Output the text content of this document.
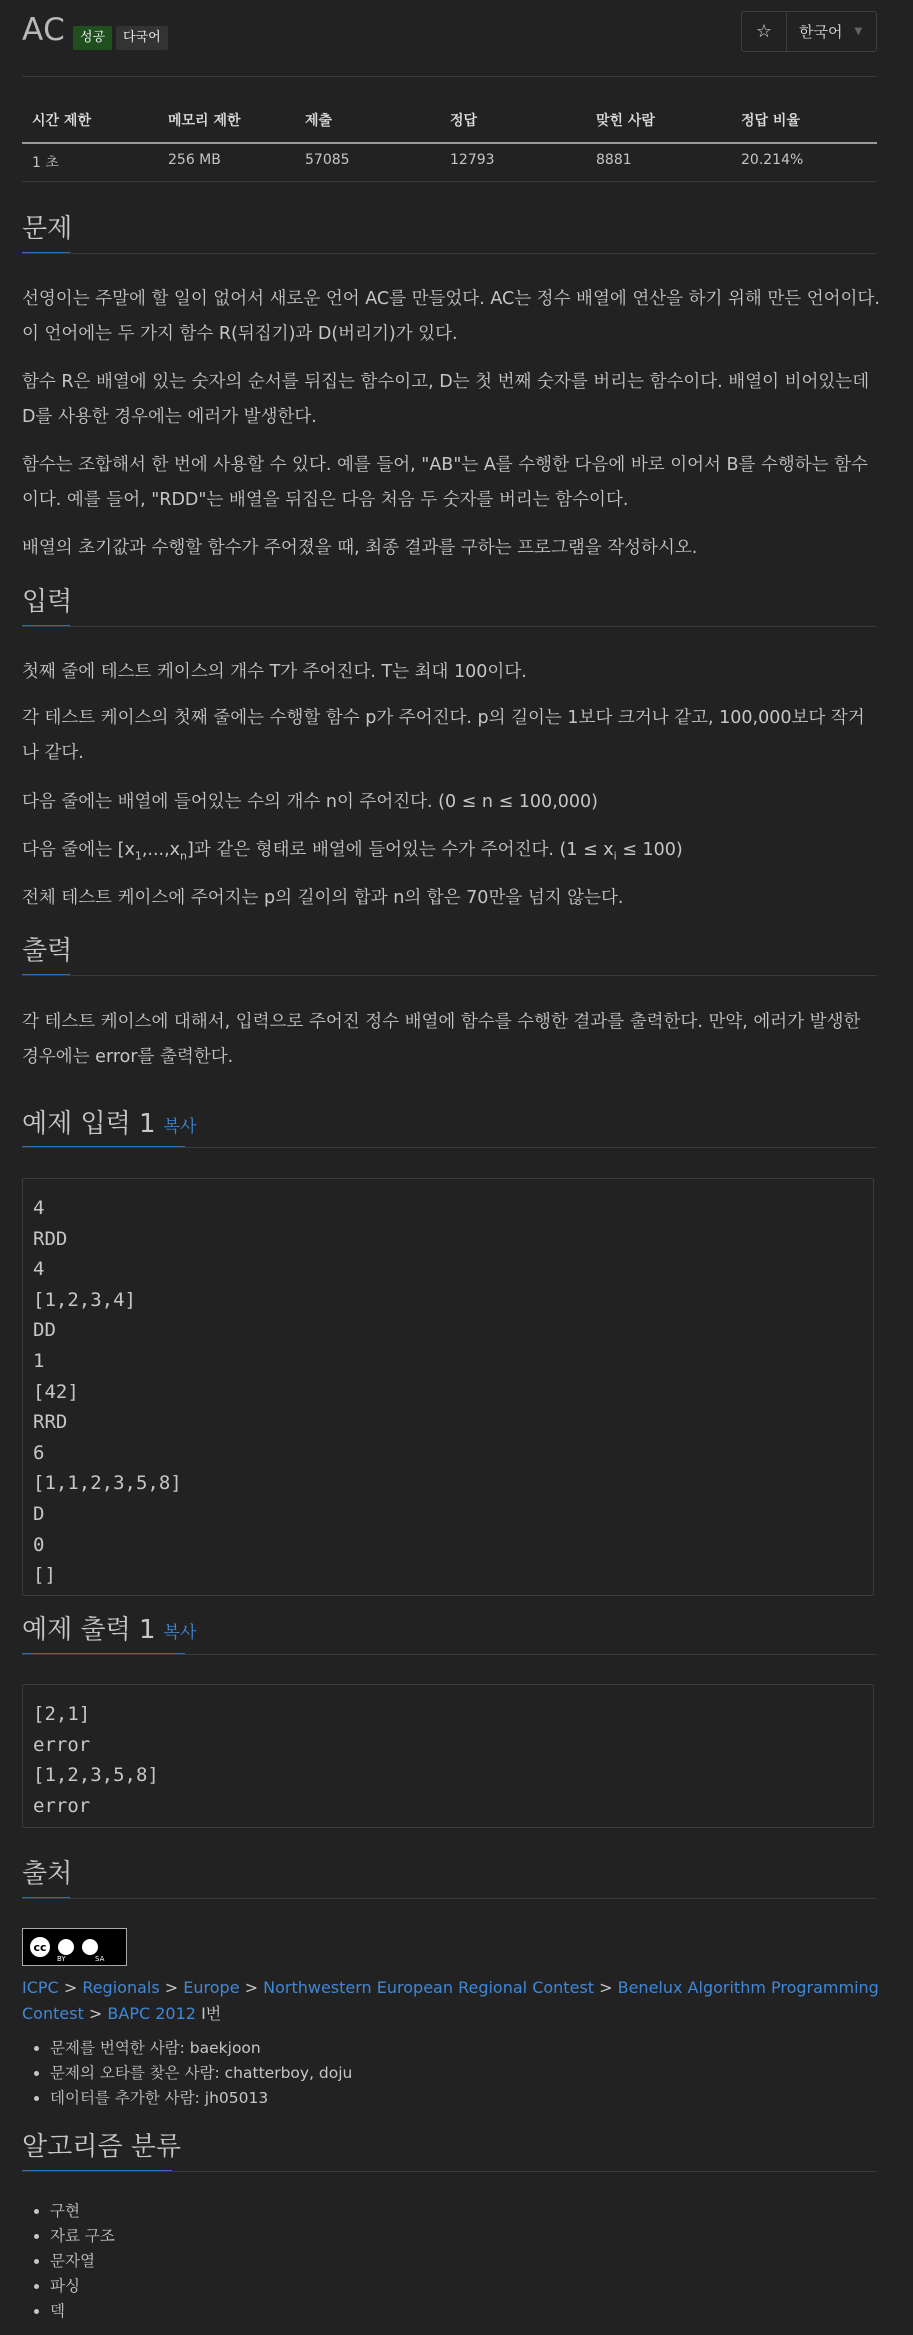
AC	성공	다국어	☆ 한국어 ▼
시간 제한	메모리 제한	제출	정답	맞힌 사람	정답 비율
1 초	256 MB	57085	12793	8881	20.214%
문제

선영이는 주말에 할 일이 없어서 새로운 언어 AC를 만들었다. AC는 정수 배열에 연산을 하기 위해 만든 언어이다. 이 언어에는 두 가지 함수 R(뒤집기)과 D(버리기)가 있다.

함수 R은 배열에 있는 숫자의 순서를 뒤집는 함수이고, D는 첫 번째 숫자를 버리는 함수이다. 배열이 비어있는데 D를 사용한 경우에는 에러가 발생한다.

함수는 조합해서 한 번에 사용할 수 있다. 예를 들어, "AB"는 A를 수행한 다음에 바로 이어서 B를 수행하는 함수이다. 예를 들어, "RDD"는 배열을 뒤집은 다음 처음 두 숫자를 버리는 함수이다.

배열의 초기값과 수행할 함수가 주어졌을 때, 최종 결과를 구하는 프로그램을 작성하시오.

입력

첫째 줄에 테스트 케이스의 개수 T가 주어진다. T는 최대 100이다.

각 테스트 케이스의 첫째 줄에는 수행할 함수 p가 주어진다. p의 길이는 1보다 크거나 같고, 100,000보다 작거나 같다.

다음 줄에는 배열에 들어있는 수의 개수 n이 주어진다. (0 ≤ n ≤ 100,000)

다음 줄에는 $[x_1,...,x_n]$과 같은 형태로 배열에 들어있는 수가 주어진다. $(1 \le x_i \le 100)$

전체 테스트 케이스에 주어지는 p의 길이의 합과 n의 합은 70만을 넘지 않는다.

출력

각 테스트 케이스에 대해서, 입력으로 주어진 정수 배열에 함수를 수행한 결과를 출력한다. 만약, 에러가 발생한 경우에는 error를 출력한다.

예제 입력 1 복사
4
RDD
4
[1,2,3,4]
DD
1
[42]
RRD
6
[1,1,2,3,5,8]
D
0
[]
예제 출력 1 복사
[2,1]
error
[1,2,3,5,8]
error
출처
cc
BY	SA
ICPC > Regionals > Europe > Northwestern European Regional Contest > Benelux Algorithm Programming Contest > BAPC 2012 I번
• 문제를 번역한 사람: baekjoon
• 문제의 오타를 찾은 사람: chatterboy, doju
• 데이터를 추가한 사람: jh05013
알고리즘 분류
• 구현
• 자료 구조
• 문자열
• 파싱
• 덱
